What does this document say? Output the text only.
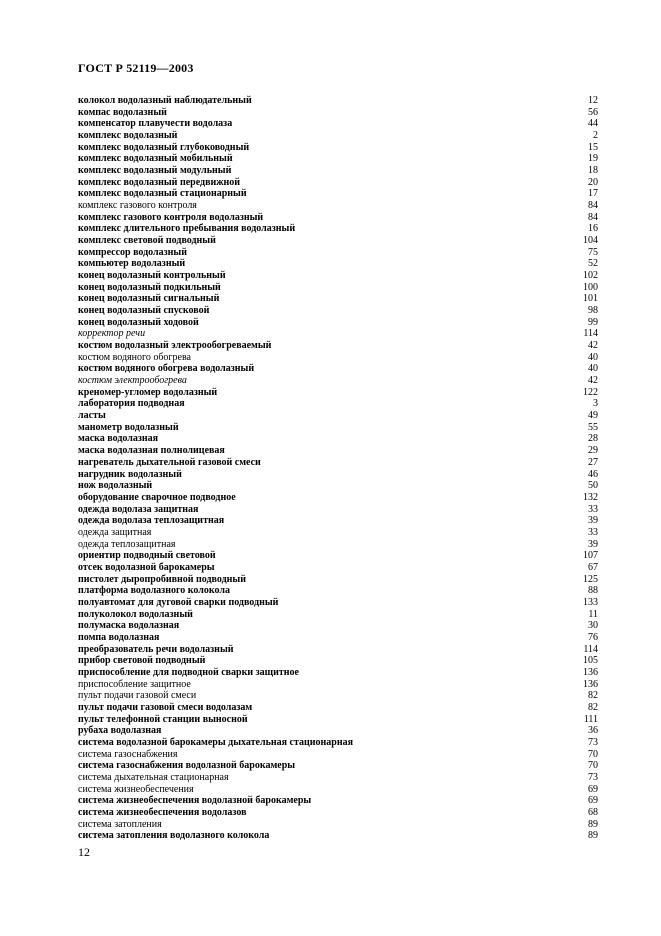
ГОСТ Р 52119—2003
колокол водолазный наблюдательный	12
компас водолазный	56
компенсатор плавучести водолаза	44
комплекс водолазный	2
комплекс водолазный глубоководный	15
комплекс водолазный мобильный	19
комплекс водолазный модульный	18
комплекс водолазный передвижной	20
комплекс водолазный стационарный	17
комплекс газового контроля	84
комплекс газового контроля водолазный	84
комплекс длительного пребывания водолазный	16
комплекс световой подводный	104
компрессор водолазный	75
компьютер водолазный	52
конец водолазный контрольный	102
конец водолазный подкильный	100
конец водолазный сигнальный	101
конец водолазный спусковой	98
конец водолазный ходовой	99
корректор речи	114
костюм водолазный электрообогреваемый	42
костюм водяного обогрева	40
костюм водяного обогрева водолазный	40
костюм электрообогрева	42
креномер-угломер водолазный	122
лаборатория подводная	3
ласты	49
манометр водолазный	55
маска водолазная	28
маска водолазная полнолицевая	29
нагреватель дыхательной газовой смеси	27
нагрудник водолазный	46
нож водолазный	50
оборудование сварочное подводное	132
одежда водолаза защитная	33
одежда водолаза теплозащитная	39
одежда защитная	33
одежда теплозащитная	39
ориентир подводный световой	107
отсек водолазной барокамеры	67
пистолет дыропробивной подводный	125
платформа водолазного колокола	88
полуавтомат для дуговой сварки подводный	133
полуколокол водолазный	11
полумаска водолазная	30
помпа водолазная	76
преобразователь речи водолазный	114
прибор световой подводный	105
приспособление для подводной сварки защитное	136
приспособление защитное	136
пульт подачи газовой смеси	82
пульт подачи газовой смеси водолазам	82
пульт телефонной станции выносной	111
рубаха водолазная	36
система водолазной барокамеры дыхательная стационарная	73
система газоснабжения	70
система газоснабжения водолазной барокамеры	70
система дыхательная стационарная	73
система жизнеобеспечения	69
система жизнеобеспечения водолазной барокамеры	69
система жизнеобеспечения водолазов	68
система затопления	89
система затопления водолазного колокола	89
12
